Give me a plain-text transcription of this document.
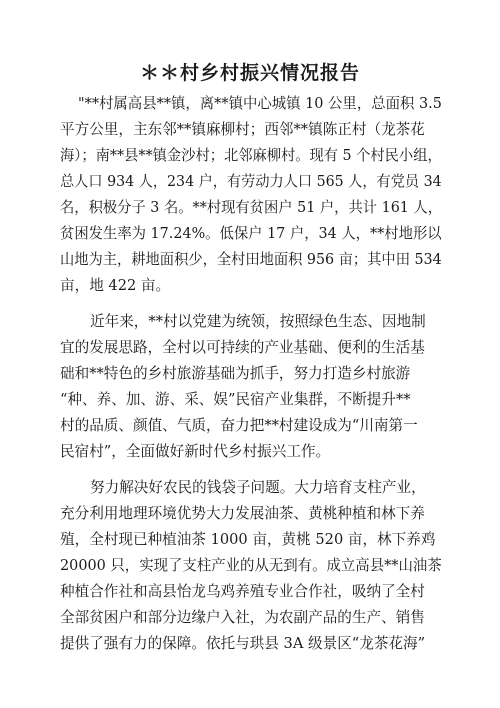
＊＊村乡村振兴情况报告
"**村属高县**镇，离**镇中心城镇 10 公里，总面积 3.5
平方公里，主东邻**镇麻柳村；西邻**镇陈正村（龙茶花
海）；南**县**镇金沙村；北邻麻柳村。现有 5 个村民小组，
总人口 934 人，234 户，有劳动力人口 565 人，有党员 34
名，积极分子 3 名。**村现有贫困户 51 户，共计 161 人，
贫困发生率为 17.24%。低保户 17 户，34 人，**村地形以
山地为主，耕地面积少，全村田地面积 956 亩；其中田 534
亩，地 422 亩。
近年来，**村以党建为统领，按照绿色生态、因地制
宜的发展思路，全村以可持续的产业基础、便利的生活基
础和**特色的乡村旅游基础为抓手，努力打造乡村旅游
“种、养、加、游、采、娱”民宿产业集群，不断提升**
村的品质、颜值、气质，奋力把**村建设成为“川南第一
民宿村”，全面做好新时代乡村振兴工作。
努力解决好农民的钱袋子问题。大力培育支柱产业，
充分利用地理环境优势大力发展油茶、黄桃种植和林下养
殖，全村现已种植油茶 1000 亩，黄桃 520 亩，林下养鸡
20000 只，实现了支柱产业的从无到有。成立高县**山油茶
种植合作社和高县怡龙乌鸡养殖专业合作社，吸纳了全村
全部贫困户和部分边缘户入社，为农副产品的生产、销售
提供了强有力的保障。依托与珙县 3A 级景区“龙茶花海”
